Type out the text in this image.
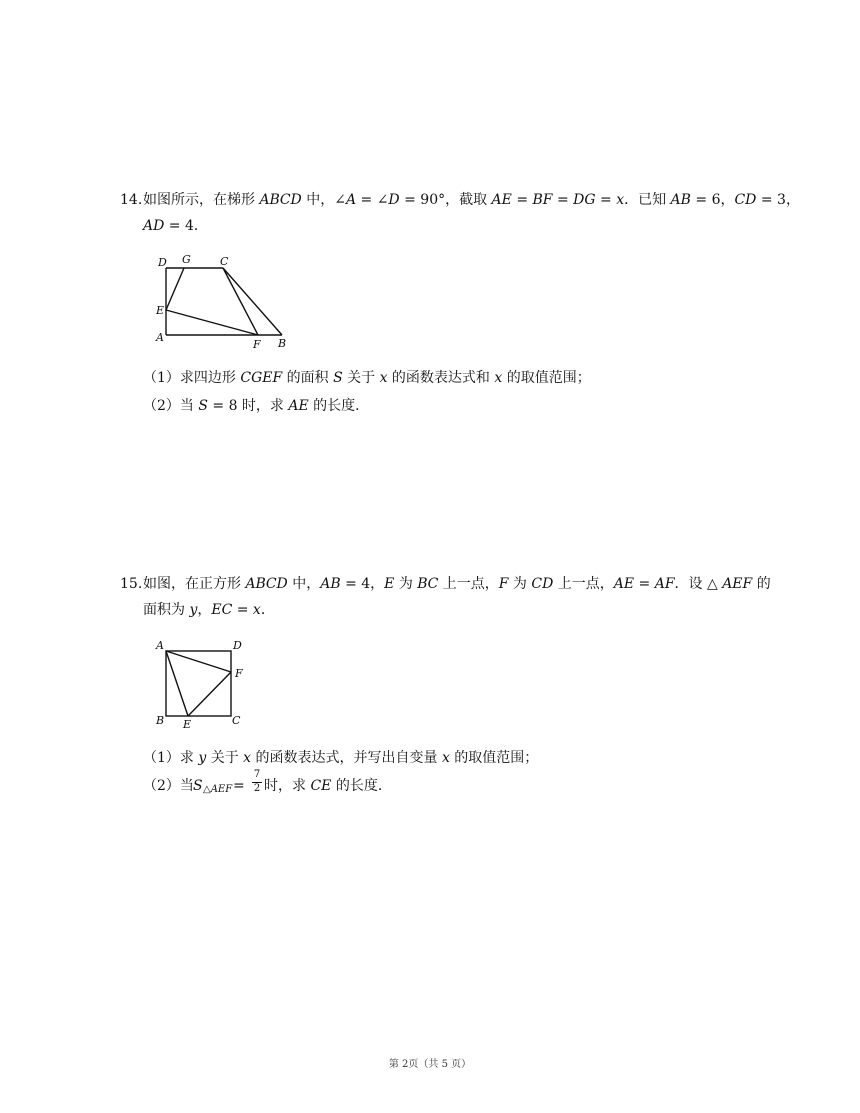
14. 如图所示，在梯形 𝐴𝐵𝐶𝐷 中，∠𝐴 = ∠𝐷 = 90°，截取 𝐴𝐸 = 𝐵𝐹 = 𝐷𝐺 = 𝑥．已知 𝐴𝐵 = 6，𝐶𝐷 = 3，
𝐴𝐷 = 4．
D G	C
E
A
F B
（1）求四边形 𝐶𝐺𝐸𝐹 的面积 𝑆 关于 𝑥 的函数表达式和 𝑥 的取值范围；
（2）当 𝑆 = 8 时，求 𝐴𝐸 的长度．
15. 如图，在正方形 𝐴𝐵𝐶𝐷 中，𝐴𝐵 = 4，𝐸 为 𝐵𝐶 上一点，𝐹 为 𝐶𝐷 上一点，𝐴𝐸 = 𝐴𝐹．设 △ 𝐴𝐸𝐹 的
面积为 𝑦，𝐸𝐶 = 𝑥．
A	D
F
B E	C
（1）求 𝑦 关于 𝑥 的函数表达式，并写出自变量 𝑥 的取值范围；
（2）当 𝑆 △𝐴𝐸𝐹 =
7
2 时，求 𝐶𝐸 的长度．
第 2页（共 5 页）
